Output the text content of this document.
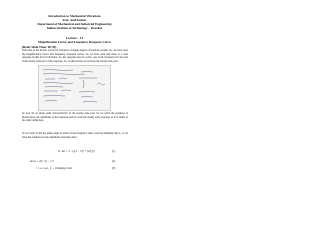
Introduction to Mechanical Vibrations
Prof. Anil Kumar
Department of Mechanical and Industrial Engineering
Indian Institute of Technology – Roorkee
Lecture – 14
Magnification Factor and Frequency Response Curve
(Refer Slide Time: 00:30)
Welcome to the lecture on forced vibration of single degree of freedom system. So, we have seen the magnification factor and frequency response curves. So we have seen that there is a total response in this forced vibration. So, the response has two parts, one is the transient part and one is the steady state part of the response. So, in this lecture we will see the steady state part.
So now let us study some characteristics of the steady state part. So we write the equation of motion here, the amplitude of the response and we write the steady state response as X in terms of the static deflection.
So we write X and the phase angle in terms of the frequency ratio r and the damping ratio ζ, so we have the relations for the amplitude and phase here.
X / δst = 1 / √[(1 − r²)² + (2ζr)²]	(1)
tan φ = 2ζr / (1 − r²)	(2)
r = ω / ωn , ζ → Damping ratio	(3)
